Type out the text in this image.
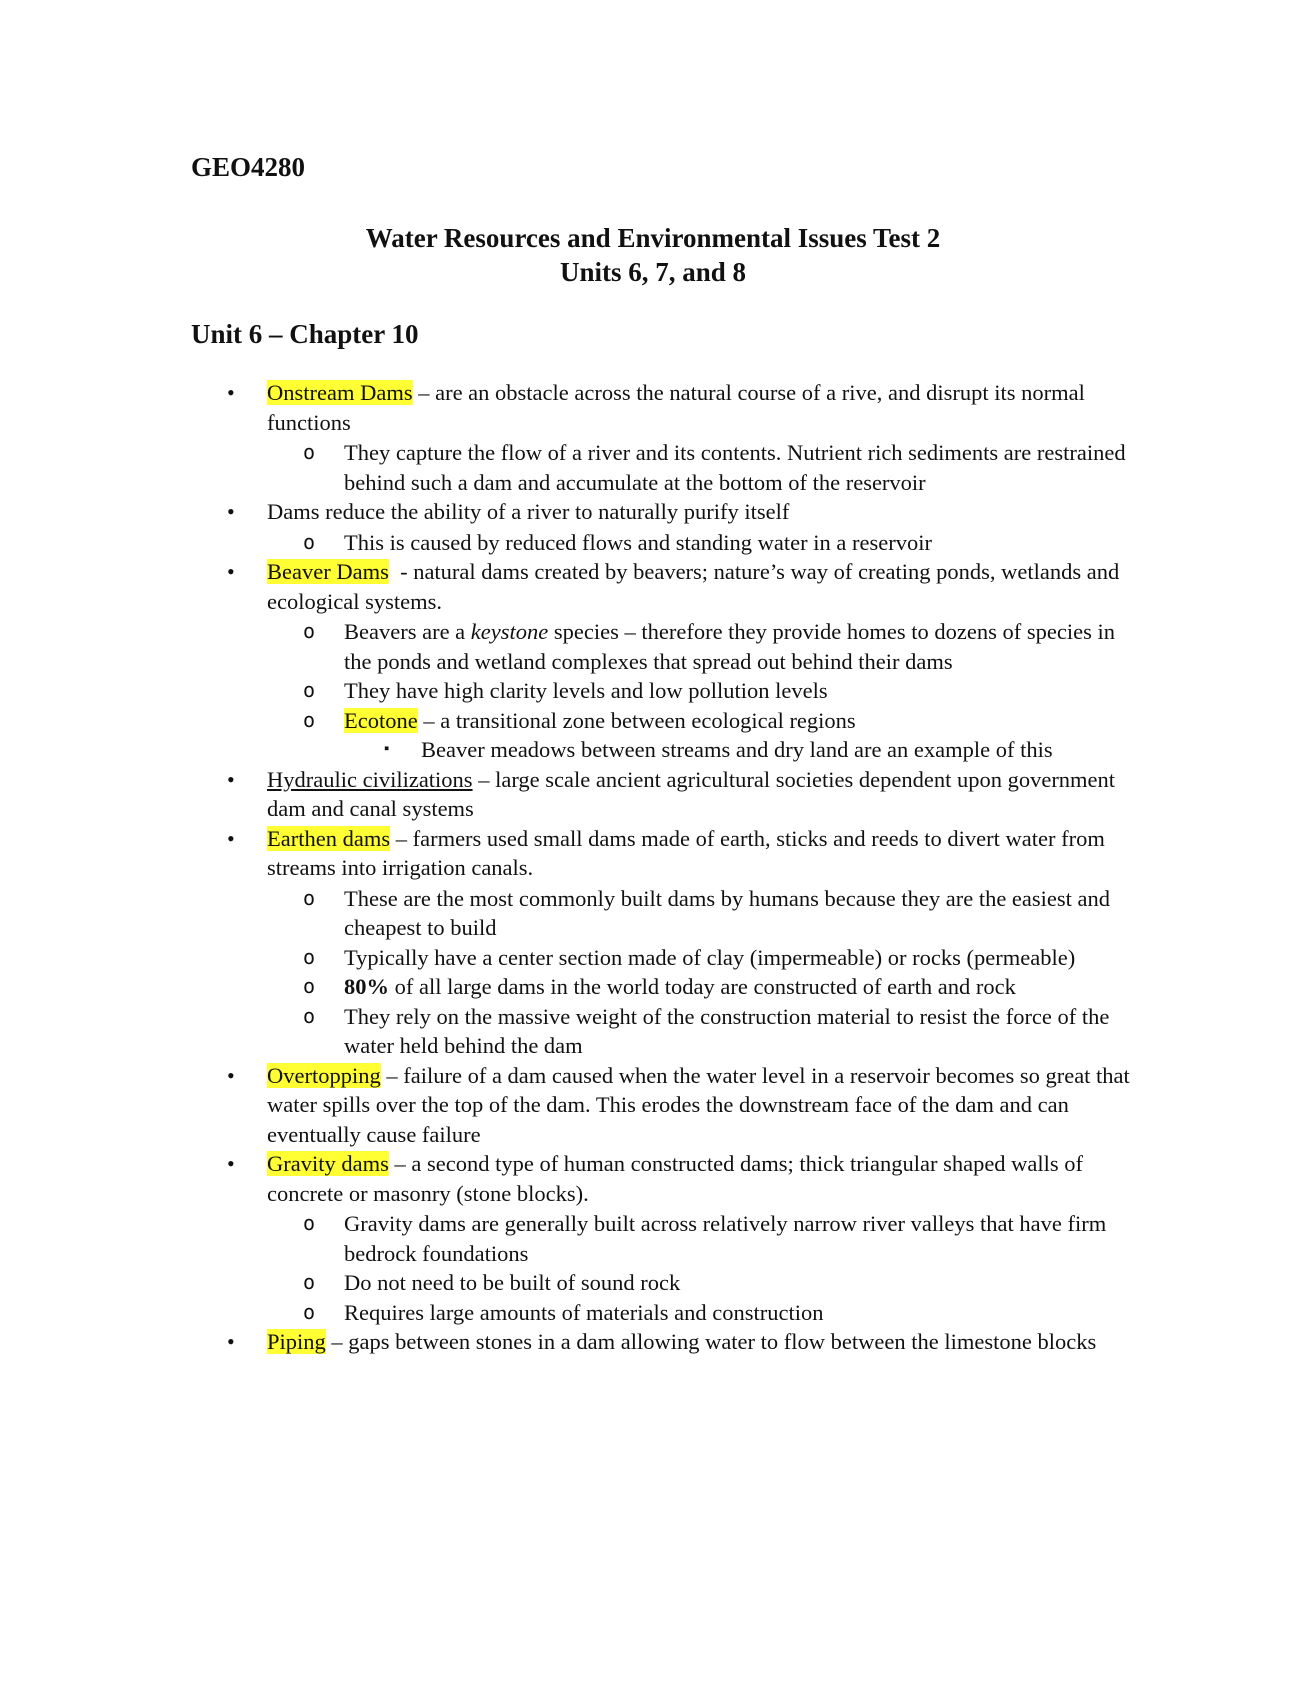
GEO4280
Water Resources and Environmental Issues Test 2
Units 6, 7, and 8
Unit 6 – Chapter 10
• Onstream Dams – are an obstacle across the natural course of a rive, and disrupt its normal functions
o They capture the flow of a river and its contents. Nutrient rich sediments are restrained behind such a dam and accumulate at the bottom of the reservoir
• Dams reduce the ability of a river to naturally purify itself
o This is caused by reduced flows and standing water in a reservoir
• Beaver Dams  - natural dams created by beavers; nature’s way of creating ponds, wetlands and ecological systems.
o Beavers are a keystone species – therefore they provide homes to dozens of species in the ponds and wetland complexes that spread out behind their dams
o They have high clarity levels and low pollution levels
o Ecotone – a transitional zone between ecological regions
▪ Beaver meadows between streams and dry land are an example of this
• Hydraulic civilizations – large scale ancient agricultural societies dependent upon government dam and canal systems
• Earthen dams – farmers used small dams made of earth, sticks and reeds to divert water from streams into irrigation canals.
o These are the most commonly built dams by humans because they are the easiest and cheapest to build
o Typically have a center section made of clay (impermeable) or rocks (permeable)
o 80% of all large dams in the world today are constructed of earth and rock
o They rely on the massive weight of the construction material to resist the force of the water held behind the dam
• Overtopping – failure of a dam caused when the water level in a reservoir becomes so great that water spills over the top of the dam. This erodes the downstream face of the dam and can eventually cause failure
• Gravity dams – a second type of human constructed dams; thick triangular shaped walls of concrete or masonry (stone blocks).
o Gravity dams are generally built across relatively narrow river valleys that have firm bedrock foundations
o Do not need to be built of sound rock
o Requires large amounts of materials and construction
• Piping – gaps between stones in a dam allowing water to flow between the limestone blocks
